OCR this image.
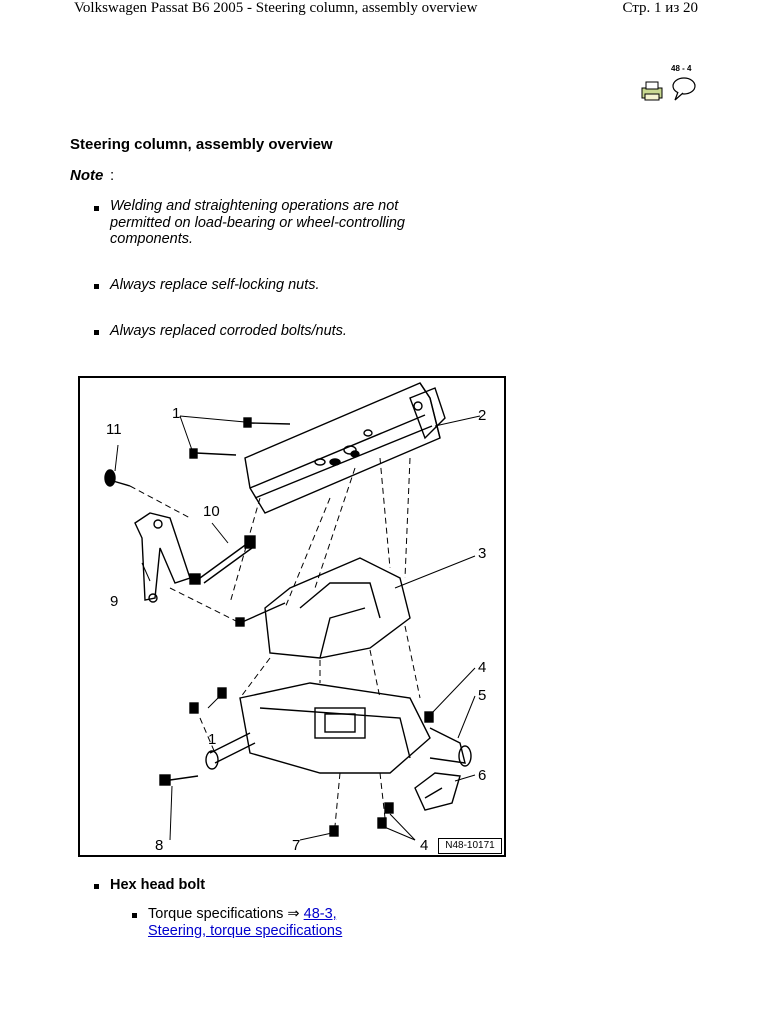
Volkswagen Passat B6 2005 - Steering column, assembly overview	Стр. 1 из 20
48 - 4
Steering column, assembly overview
Note :
Welding and straightening operations are not permitted on load-bearing or wheel-controlling components.
Always replace self-locking nuts.
Always replaced corroded bolts/nuts.
1	2
3
4
5
6
7
8
9
10
11
1
4	N48-10171
Hex head bolt
Torque specifications ⇒ 48-3, Steering, torque specifications
